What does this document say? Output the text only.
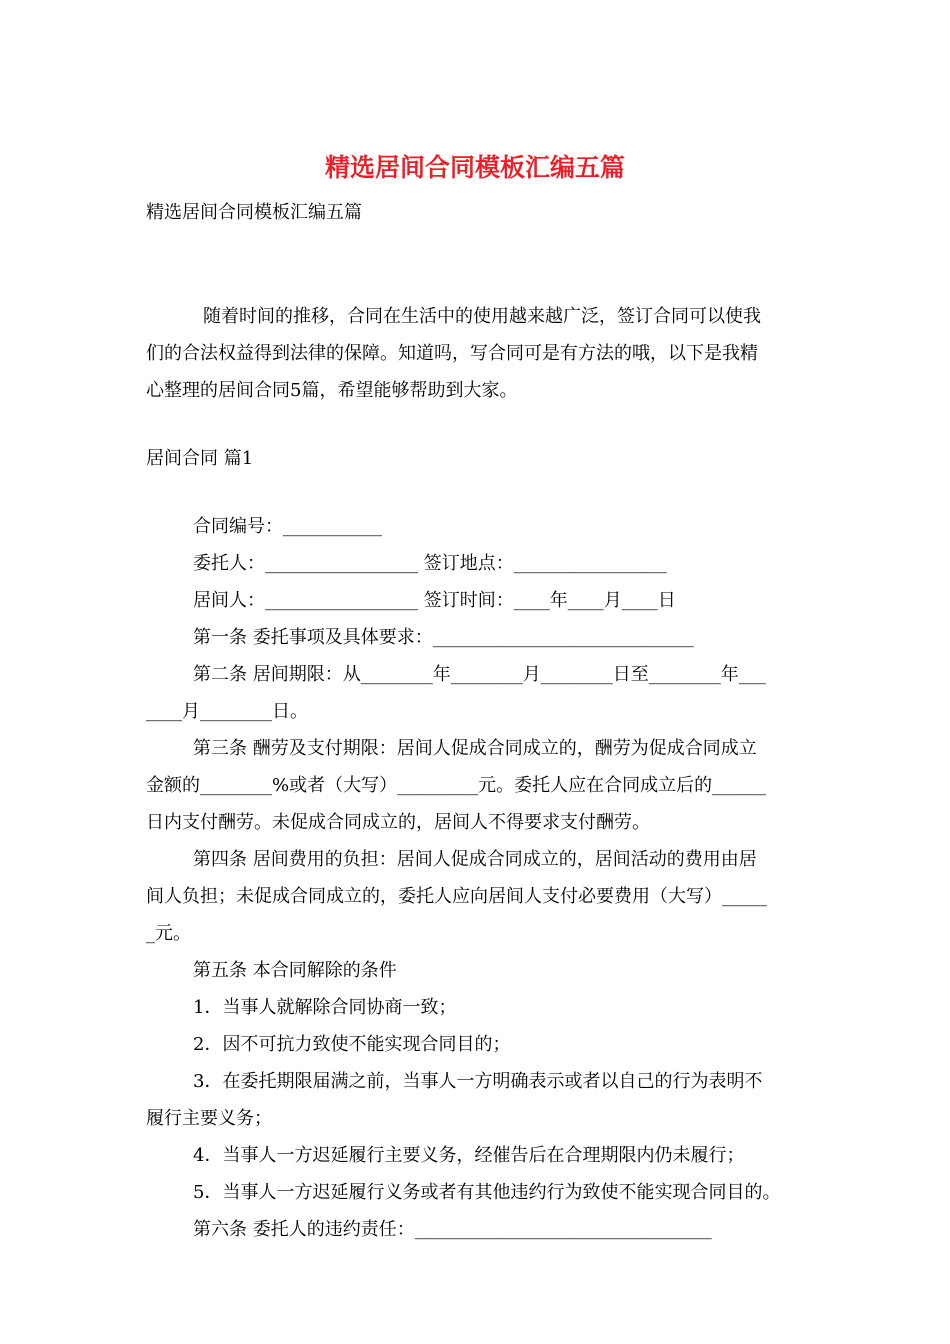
精选居间合同模板汇编五篇
精选居间合同模板汇编五篇
随着时间的推移，合同在生活中的使用越来越广泛，签订合同可以使我
们的合法权益得到法律的保障。知道吗，写合同可是有方法的哦，以下是我精
心整理的居间合同5篇，希望能够帮助到大家。
居间合同 篇1
合同编号：___________
委托人：_________________ 签订地点：_________________
居间人：_________________ 签订时间：____年____月____日
第一条 委托事项及具体要求：_____________________________
第二条 居间期限：从________年________月________日至________年___
____月________日。
第三条 酬劳及支付期限：居间人促成合同成立的，酬劳为促成合同成立
金额的________%或者（大写）_________元。委托人应在合同成立后的______
日内支付酬劳。未促成合同成立的，居间人不得要求支付酬劳。
第四条 居间费用的负担：居间人促成合同成立的，居间活动的费用由居
间人负担；未促成合同成立的，委托人应向居间人支付必要费用（大写）_____
_元。
第五条 本合同解除的条件
1．当事人就解除合同协商一致；
2．因不可抗力致使不能实现合同目的；
3．在委托期限届满之前，当事人一方明确表示或者以自己的行为表明不
履行主要义务；
4．当事人一方迟延履行主要义务，经催告后在合理期限内仍未履行；
5．当事人一方迟延履行义务或者有其他违约行为致使不能实现合同目的。
第六条 委托人的违约责任：_________________________________
